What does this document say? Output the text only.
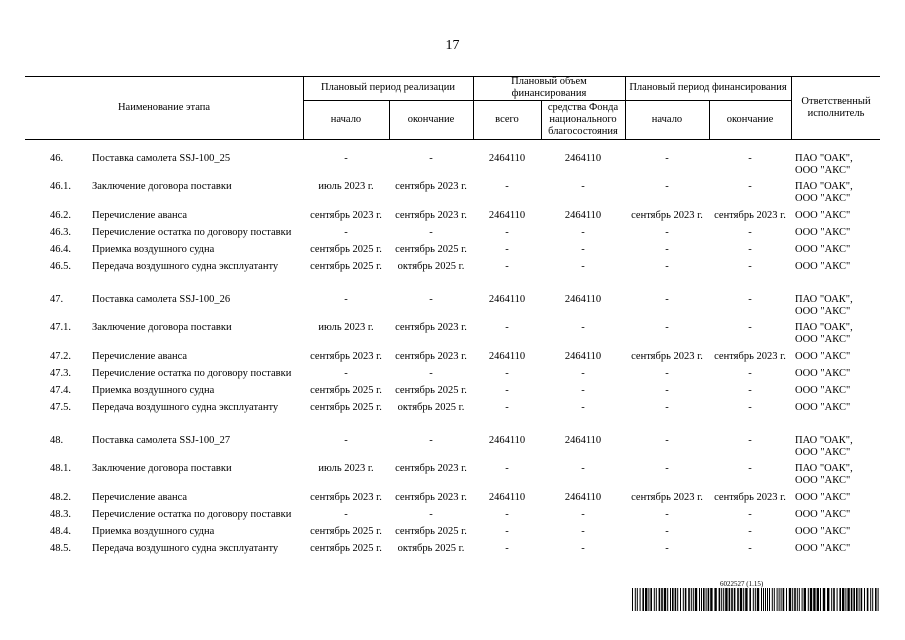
17
Наименование этапа
Плановый период реализации
начало	окончание
Плановый объем финансирования
всего
средства Фонда национального благосостояния
Плановый период финансирования
начало	окончание
Ответственный исполнитель
46.	Поставка самолета SSJ-100_25	-	-	2464110	2464110	-	-	ПАО "ОАК",
ООО "АКС"
46.1. Заключение договора поставки	июль 2023 г.	сентябрь 2023 г.	-	-	-	-	ПАО "ОАК",
ООО "АКС"
46.2. Перечисление аванса	сентябрь 2023 г.	сентябрь 2023 г.	2464110	2464110	сентябрь 2023 г.	сентябрь 2023 г. ООО "АКС"
46.3. Перечисление остатка по договору поставки	-	-	-	-	-	-	ООО "АКС"
46.4. Приемка воздушного судна	сентябрь 2025 г.	сентябрь 2025 г.	-	-	-	-	ООО "АКС"
46.5. Передача воздушного судна эксплуатанту	сентябрь 2025 г.	октябрь 2025 г.	-	-	-	-	ООО "АКС"
47.	Поставка самолета SSJ-100_26	-	-	2464110	2464110	-	-	ПАО "ОАК",
ООО "АКС"
47.1. Заключение договора поставки	июль 2023 г.	сентябрь 2023 г.	-	-	-	-	ПАО "ОАК",
ООО "АКС"
47.2. Перечисление аванса	сентябрь 2023 г.	сентябрь 2023 г.	2464110	2464110	сентябрь 2023 г.	сентябрь 2023 г. ООО "АКС"
47.3. Перечисление остатка по договору поставки	-	-	-	-	-	-	ООО "АКС"
47.4. Приемка воздушного судна	сентябрь 2025 г.	сентябрь 2025 г.	-	-	-	-	ООО "АКС"
47.5. Передача воздушного судна эксплуатанту	сентябрь 2025 г.	октябрь 2025 г.	-	-	-	-	ООО "АКС"
48.	Поставка самолета SSJ-100_27	-	-	2464110	2464110	-	-	ПАО "ОАК",
ООО "АКС"
48.1. Заключение договора поставки	июль 2023 г.	сентябрь 2023 г.	-	-	-	-	ПАО "ОАК",
ООО "АКС"
48.2. Перечисление аванса	сентябрь 2023 г.	сентябрь 2023 г.	2464110	2464110	сентябрь 2023 г.	сентябрь 2023 г. ООО "АКС"
48.3. Перечисление остатка по договору поставки	-	-	-	-	-	-	ООО "АКС"
48.4. Приемка воздушного судна	сентябрь 2025 г.	сентябрь 2025 г.	-	-	-	-	ООО "АКС"
48.5. Передача воздушного судна эксплуатанту	сентябрь 2025 г.	октябрь 2025 г.	-	-	-	-	ООО "АКС"
6022527 (1.15)
